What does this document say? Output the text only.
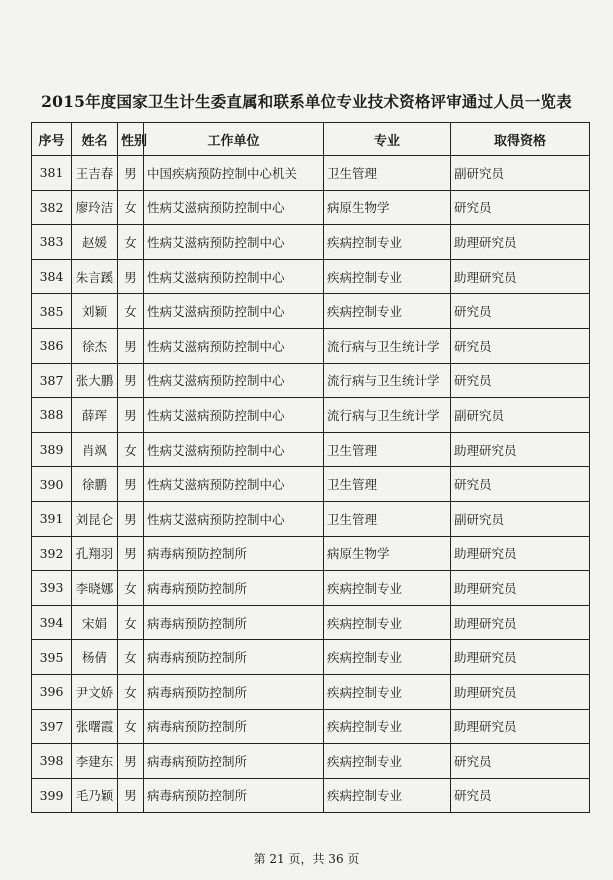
2015年度国家卫生计生委直属和联系单位专业技术资格评审通过人员一览表
序号	姓名	性别	工作单位	专业	取得资格
381	王吉春	男	中国疾病预防控制中心机关	卫生管理	副研究员
382	廖玲洁	女	性病艾滋病预防控制中心	病原生物学	研究员
383	赵媛	女	性病艾滋病预防控制中心	疾病控制专业	助理研究员
384	朱言蹊	男	性病艾滋病预防控制中心	疾病控制专业	助理研究员
385	刘颖	女	性病艾滋病预防控制中心	疾病控制专业	研究员
386	徐杰	男	性病艾滋病预防控制中心	流行病与卫生统计学	研究员
387	张大鹏	男	性病艾滋病预防控制中心	流行病与卫生统计学	研究员
388	薛珲	男	性病艾滋病预防控制中心	流行病与卫生统计学	副研究员
389	肖飒	女	性病艾滋病预防控制中心	卫生管理	助理研究员
390	徐鹏	男	性病艾滋病预防控制中心	卫生管理	研究员
391	刘昆仑	男	性病艾滋病预防控制中心	卫生管理	副研究员
392	孔翔羽	男	病毒病预防控制所	病原生物学	助理研究员
393	李晓娜	女	病毒病预防控制所	疾病控制专业	助理研究员
394	宋娟	女	病毒病预防控制所	疾病控制专业	助理研究员
395	杨倩	女	病毒病预防控制所	疾病控制专业	助理研究员
396	尹文娇	女	病毒病预防控制所	疾病控制专业	助理研究员
397	张曙霞	女	病毒病预防控制所	疾病控制专业	助理研究员
398	李建东	男	病毒病预防控制所	疾病控制专业	研究员
399	毛乃颖	男	病毒病预防控制所	疾病控制专业	研究员
第 21 页，共 36 页
